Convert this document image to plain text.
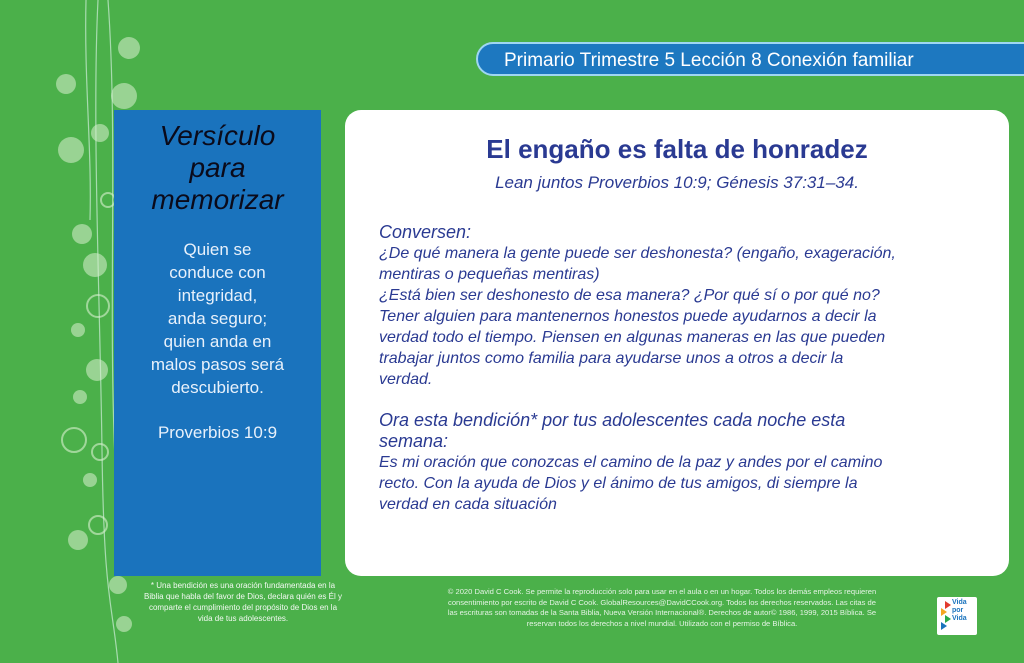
Primario Trimestre 5 Lección 8 Conexión familiar
Versículo
para
memorizar
Quien se
conduce con
integridad,
anda seguro;
quien anda en
malos pasos será
descubierto.
Proverbios 10:9
El engaño es falta de honradez
Lean juntos Proverbios 10:9; Génesis 37:31–34.
Conversen:
¿De qué manera la gente puede ser deshonesta? (engaño, exageración,
mentiras o pequeñas mentiras)
¿Está bien ser deshonesto de esa manera? ¿Por qué sí o por qué no?
Tener alguien para mantenernos honestos puede ayudarnos a decir la
verdad todo el tiempo. Piensen en algunas maneras en las que pueden
trabajar juntos como familia para ayudarse unos a otros a decir la
verdad.
Ora esta bendición* por tus adolescentes cada noche esta
semana:
Es mi oración que conozcas el camino de la paz y andes por el camino
recto. Con la ayuda de Dios y el ánimo de tus amigos, di siempre la
verdad en cada situación
* Una bendición es una oración fundamentada en la
Biblia que habla del favor de Dios, declara quién es Él y
comparte el cumplimiento del propósito de Dios en la
vida de tus adolescentes.
© 2020 David C Cook. Se permite la reproducción solo para usar en el aula o en un hogar. Todos los demás empleos requieren
consentimiento por escrito de David C Cook. GlobalResources@DavidCCook.org. Todos los derechos reservados. Las citas de
las escrituras son tomadas de la Santa Biblia, Nueva Versión Internacional®. Derechos de autor© 1986, 1999, 2015 Bíblica. Se
reservan todos los derechos a nivel mundial. Utilizado con el permiso de Bíblica.
Vida
por
Vida
